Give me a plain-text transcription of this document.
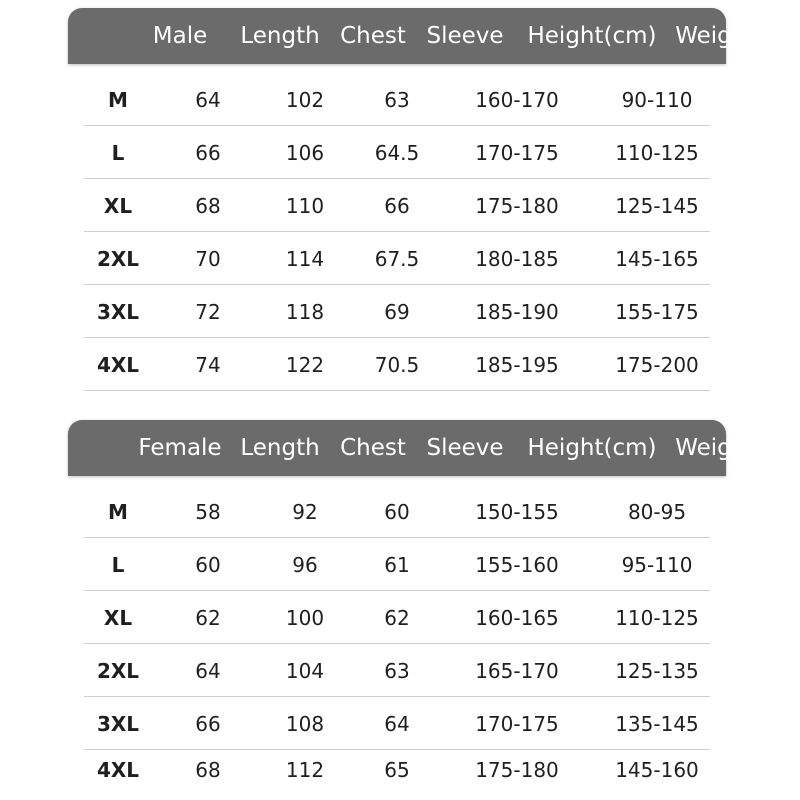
Male Length Chest Sleeve Height(cm) Weight/Kg
M	64	102	63	160-170	90-110
L	66	106	64.5	170-175	110-125
XL	68	110	66	175-180	125-145
2XL	70	114	67.5	180-185	145-165
3XL	72	118	69	185-190	155-175
4XL	74	122	70.5	185-195	175-200
Female Length Chest Sleeve Height(cm) Weight/Kg
M	58	92	60	150-155	80-95
L	60	96	61	155-160	95-110
XL	62	100	62	160-165	110-125
2XL	64	104	63	165-170	125-135
3XL	66	108	64	170-175	135-145
4XL	68	112	65	175-180	145-160
